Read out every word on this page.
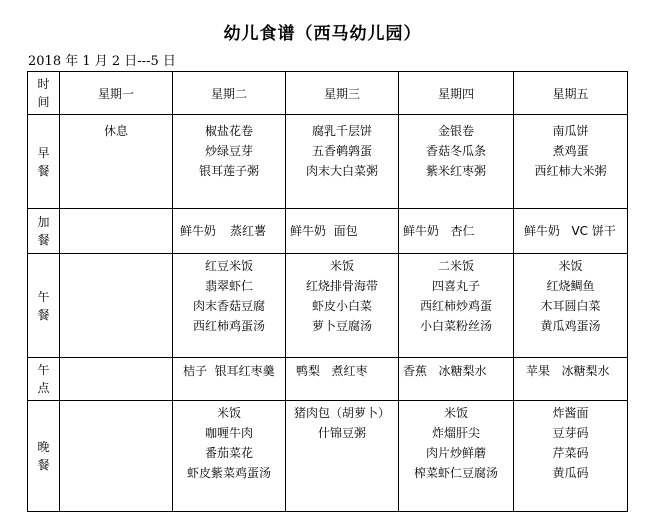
幼儿食谱（西马幼儿园）
2018 年 1 月 2 日---5 日
时
间	星期一	星期二	星期三	星期四	星期五

早
餐	休息	椒盐花卷
炒绿豆芽
银耳莲子粥	腐乳千层饼
五香鹌鹑蛋
肉末大白菜粥	金银卷
香菇冬瓜条
紫米红枣粥	南瓜饼
煮鸡蛋
西红柿大米粥

加
餐		鲜牛奶 蒸红薯	鲜牛奶 面包	鲜牛奶 杏仁	鲜牛奶 VC 饼干

午
餐		红豆米饭
翡翠虾仁
肉末香菇豆腐
西红柿鸡蛋汤	米饭
红烧排骨海带
虾皮小白菜
萝卜豆腐汤	二米饭
四喜丸子
西红柿炒鸡蛋
小白菜粉丝汤	米饭
红烧鲷鱼
木耳圆白菜
黄瓜鸡蛋汤

午
点		桔子 银耳红枣羹	鸭梨 煮红枣	香蕉 冰糖梨水	苹果 冰糖梨水

晚
餐		米饭
咖喱牛肉
番茄菜花
虾皮紫菜鸡蛋汤	猪肉包（胡萝卜）
什锦豆粥	米饭
炸熘肝尖
肉片炒鲜蘑
榨菜虾仁豆腐汤	炸酱面
豆芽码
芹菜码
黄瓜码
